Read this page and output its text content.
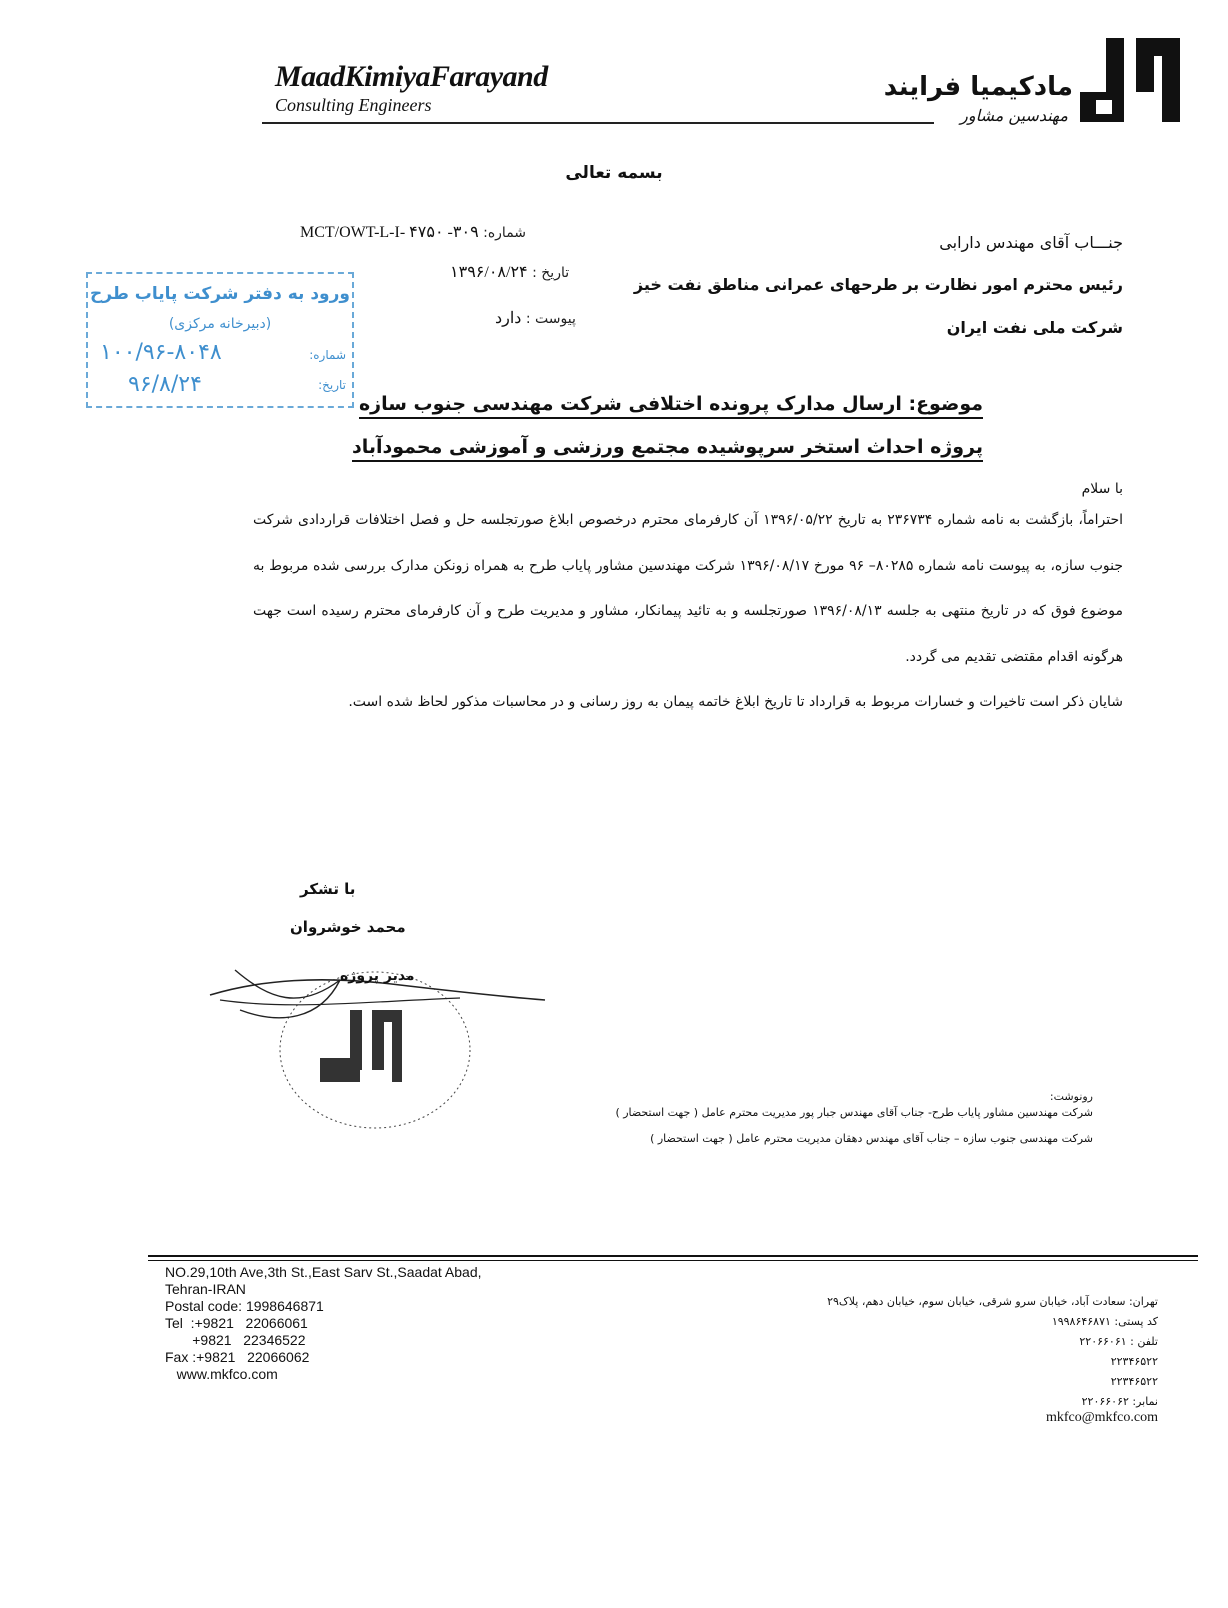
MaadKimiyaFarayand
Consulting Engineers
مادکیمیا فرایند
مهندسین مشاور
بسمه تعالی
جنـــاب آقای مهندس دارابی
رئیس محترم امور نظارت بر طرحهای عمرانی مناطق نفت خیز
شرکت ملی نفت ایران
شماره: ۳۰۹- MCT/OWT-L-I- ۴۷۵۰
تاریخ : ۱۳۹۶/۰۸/۲۴
پیوست : دارد
ورود به دفتر شرکت پایاب طرح
(دبیرخانه مرکزی)
شماره:
۱۰۰/۹۶-۸۰۴۸
تاریخ:
۹۶/۸/۲۴
موضوع: ارسال مدارک پرونده اختلافی شرکت مهندسی جنوب سازه
پروژه احداث استخر سرپوشیده مجتمع ورزشی و آموزشی محمودآباد
با سلام

احتراماً، بازگشت به نامه شماره ۲۳۶۷۳۴ به تاریخ ۱۳۹۶/۰۵/۲۲ آن کارفرمای محترم درخصوص ابلاغ صورتجلسه حل و فصل اختلافات قراردادی شرکت جنوب سازه، به پیوست نامه شماره ۸۰۲۸۵– ۹۶ مورخ ۱۳۹۶/۰۸/۱۷ شرکت مهندسین مشاور پایاب طرح به همراه زونکن مدارک بررسی شده مربوط به موضوع فوق که در تاریخ منتهی به جلسه ۱۳۹۶/۰۸/۱۳ صورتجلسه و به تائید پیمانکار، مشاور و مدیریت طرح و آن کارفرمای محترم رسیده است جهت هرگونه اقدام مقتضی تقدیم می گردد.

شایان ذکر است تاخیرات و خسارات مربوط به قرارداد تا تاریخ ابلاغ خاتمه پیمان به روز رسانی و در محاسبات مذکور لحاظ شده است.

با تشکر
محمد خوشروان
مدیر پروژه
رونوشت:
شرکت مهندسین مشاور پایاب طرح- جناب آقای مهندس جبار پور مدیریت محترم عامل ( جهت استحضار )
شرکت مهندسی جنوب سازه – جناب آقای مهندس دهقان مدیریت محترم عامل ( جهت استحضار )
NO.29,10th Ave,3th St.,East Sarv St.,Saadat Abad,
Tehran-IRAN
Postal code: 1998646871
Tel  :+9821   22066061
+9821   22346522
Fax :+9821   22066062
www.mkfco.com
تهران: سعادت آباد، خیابان سرو شرقی، خیابان سوم، خیابان دهم، پلاک۲۹
کد پستی: ۱۹۹۸۶۴۶۸۷۱
تلفن : ۲۲۰۶۶۰۶۱
۲۲۳۴۶۵۲۲
۲۲۳۴۶۵۲۲
نمابر: ۲۲۰۶۶۰۶۲
mkfco@mkfco.com
